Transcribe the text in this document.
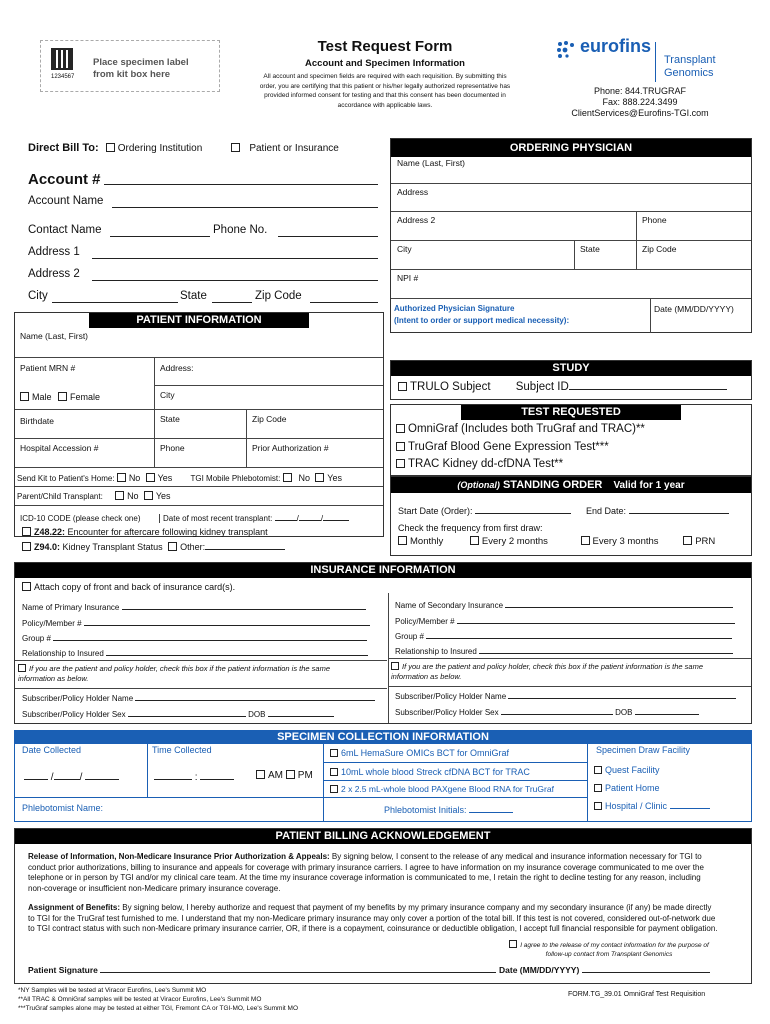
1234567
Place specimen label from kit box here
Test Request Form
Account and Specimen Information
All account and specimen fields are required with each requisition. By submitting this order, you are certifying that this patient or his/her legally authorized representative has provided informed consent for testing and that this consent has been documented in accordance with applicable laws.
eurofins
Transplant
Genomics
Phone: 844.TRUGRAF
Fax: 888.224.3499
ClientServices@Eurofins-TGI.com
Direct Bill To: Ordering Institution	Patient or Insurance
Account #
Account Name
Contact Name	Phone No.
Address 1
Address 2
City	State	Zip Code
ORDERING PHYSICIAN
Name (Last, First)
Address
Address 2	Phone
City	State	Zip Code
NPI #
Authorized Physician Signature
(Intent to order or support medical necessity):
Date (MM/DD/YYYY)
PATIENT INFORMATION
Name (Last, First)
Patient MRN #	Address:
Male Female	City
Birthdate	State	Zip Code
Hospital Accession #	Phone	Prior Authorization #
Send Kit to Patient's Home: No Yes TGI Mobile Phlebotomist: No Yes
Parent/Child Transplant:	No Yes
ICD-10 CODE (please check one)	Date of most recent transplant:	/	/
Z48.22: Encounter for aftercare following kidney transplant
Z94.0: Kidney Transplant Status Other:
STUDY
TRULO Subject Subject ID
TEST REQUESTED
OmniGraf (Includes both TruGraf and TRAC)**
TruGraf Blood Gene Expression Test***
TRAC Kidney dd-cfDNA Test**
(Optional) STANDING ORDER Valid for 1 year
Start Date (Order):	End Date:
Check the frequency from first draw:
Monthly	Every 2 months	Every 3 months	PRN
INSURANCE INFORMATION
Attach copy of front and back of insurance card(s).
Name of Primary Insurance
Policy/Member #
Group #
Relationship to Insured
If you are the patient and policy holder, check this box if the patient information is the same information as below.
Subscriber/Policy Holder Name
Subscriber/Policy Holder Sex	DOB
Name of Secondary Insurance
Policy/Member #
Group #
Relationship to Insured
If you are the patient and policy holder, check this box if the patient information is the same information as below.
Subscriber/Policy Holder Name
Subscriber/Policy Holder Sex	DOB
SPECIMEN COLLECTION INFORMATION
Date Collected
/	/
Time Collected
:	AM PM
6mL HemaSure OMICs BCT for OmniGraf
10mL whole blood Streck cfDNA BCT for TRAC
2 x 2.5 mL-whole blood PAXgene Blood RNA for TruGraf
Specimen Draw Facility
Quest Facility
Patient Home
Hospital / Clinic
Phlebotomist Name:	Phlebotomist Initials:
PATIENT BILLING ACKNOWLEDGEMENT
Release of Information, Non-Medicare Insurance Prior Authorization & Appeals: By signing below, I consent to the release of any medical and insurance information necessary for TGI to conduct prior authorizations, billing to insurance and appeals for coverage with primary insurance carriers. I agree to have information on my insurance coverage communicated to me over the telephone or in person by TGI and/or my clinical care team. At the time my insurance coverage information is communicated to me, I retain the right to decline testing for any reason, including non-coverage or insufficient non-Medicare primary insurance coverage.
Assignment of Benefits: By signing below, I hereby authorize and request that payment of my benefits by my primary insurance company and my secondary insurance (if any) be made directly to TGI for the TruGraf test furnished to me. I understand that my non-Medicare primary insurance may only cover a portion of the total bill. If this test is not covered, considered out-of-network due to TGI contract status with such non-Medicare primary insurance carrier, OR, if there is a copayment, coinsurance or deductible obligation, I accept full financial responsible for payment obligation.
I agree to the release of my contact information for the purpose of follow-up contact from Transplant Genomics
Patient Signature	Date (MM/DD/YYYY)
*NY Samples will be tested at Viracor Eurofins, Lee's Summit MO
**All TRAC & OmniGraf samples will be tested at Viracor Eurofins, Lee's Summit MO
***TruGraf samples alone may be tested at either TGI, Fremont CA or TGI-MO, Lee's Summit MO
FORM.TG_39.01 OmniGraf Test Requisition
